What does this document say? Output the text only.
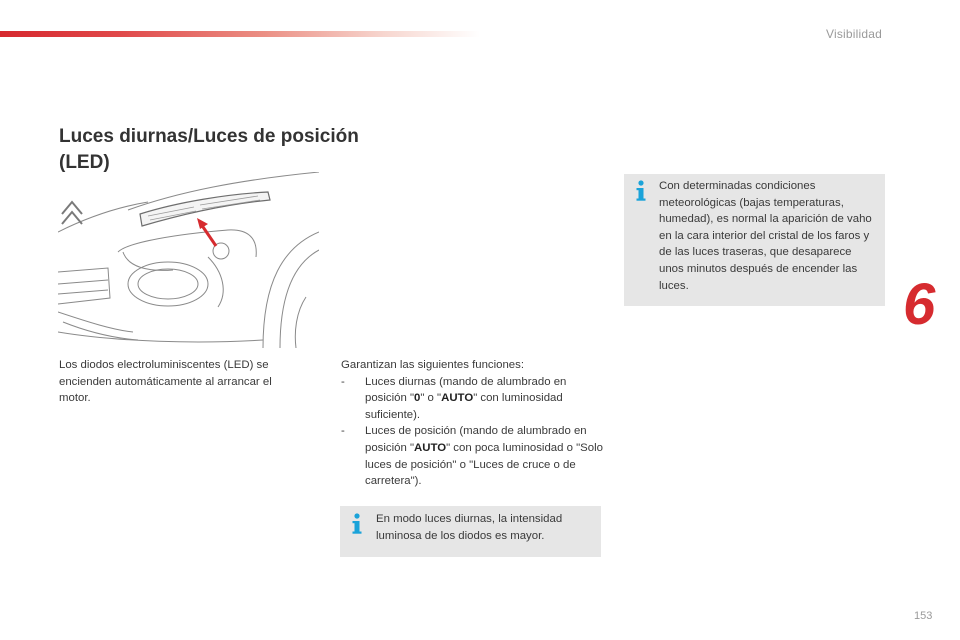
Visibilidad
Luces diurnas/Luces de posición
(LED)
Los diodos electroluminiscentes (LED) se encienden automáticamente al arrancar el motor.
Garantizan las siguientes funciones:
-	Luces diurnas (mando de alumbrado en posición "0" o "AUTO" con luminosidad suficiente).
-	Luces de posición (mando de alumbrado en posición "AUTO" con poca luminosidad o "Solo luces de posición" o "Luces de cruce o de carretera").
Con determinadas condiciones meteorológicas (bajas temperaturas, humedad), es normal la aparición de vaho en la cara interior del cristal de los faros y de las luces traseras, que desaparece unos minutos después de encender las luces.
En modo luces diurnas, la intensidad luminosa de los diodos es mayor.
6
153
